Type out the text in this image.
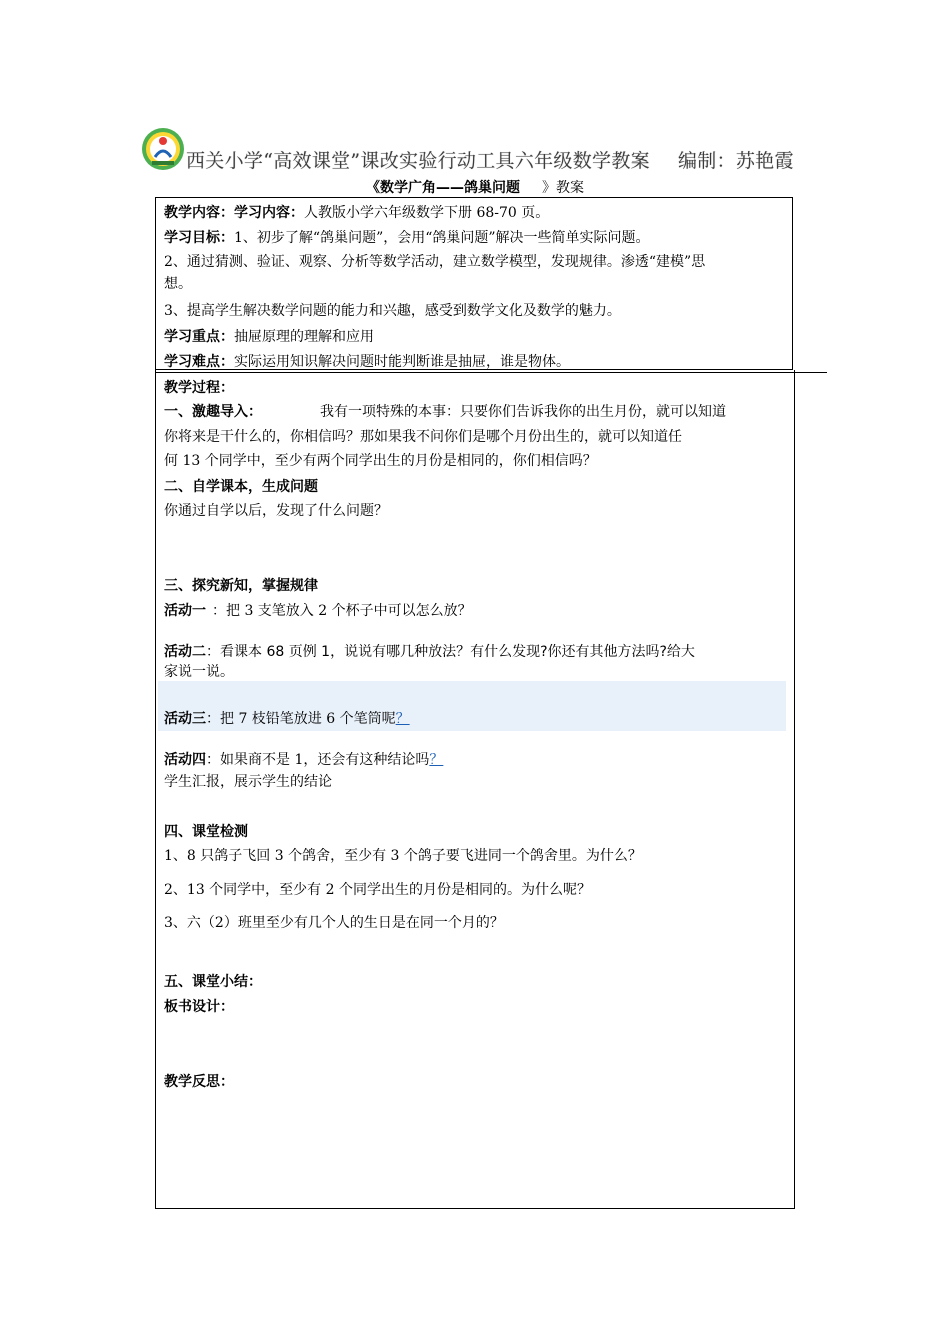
西关小学“高效课堂”课改实验行动工具六年级数学教案 编制：苏艳霞
《数学广角——鸽巢问题 》教案
教学内容：学习内容：人教版小学六年级数学下册 68-70 页。
学习目标：1、初步了解“鸽巢问题”，会用“鸽巢问题”解决一些简单实际问题。
2、通过猜测、验证、观察、分析等数学活动，建立数学模型，发现规律。渗透“建模”思
想。
3、提高学生解决数学问题的能力和兴趣，感受到数学文化及数学的魅力。
学习重点：抽屉原理的理解和应用
学习难点：实际运用知识解决问题时能判断谁是抽屉，谁是物体。
教学过程：
一、激趣导入：	我有一项特殊的本事：只要你们告诉我你的出生月份，就可以知道
你将来是干什么的，你相信吗？那如果我不问你们是哪个月份出生的，就可以知道任
何 13 个同学中，至少有两个同学出生的月份是相同的，你们相信吗？
二、自学课本，生成问题
你通过自学以后，发现了什么问题？
三、探究新知，掌握规律
活动一 ：把 3 支笔放入 2 个杯子中可以怎么放？
活动二：看课本 68 页例 1，说说有哪几种放法？有什么发现?你还有其他方法吗?给大
家说一说。
活动三：把 7 枝铅笔放进 6 个笔筒呢？
活动四：如果商不是 1，还会有这种结论吗？
学生汇报，展示学生的结论
四、课堂检测
1、8 只鸽子飞回 3 个鸽舍，至少有 3 个鸽子要飞进同一个鸽舍里。为什么？
2、13 个同学中，至少有 2 个同学出生的月份是相同的。为什么呢？
3、六（2）班里至少有几个人的生日是在同一个月的？
五、课堂小结：
板书设计：
教学反思：
